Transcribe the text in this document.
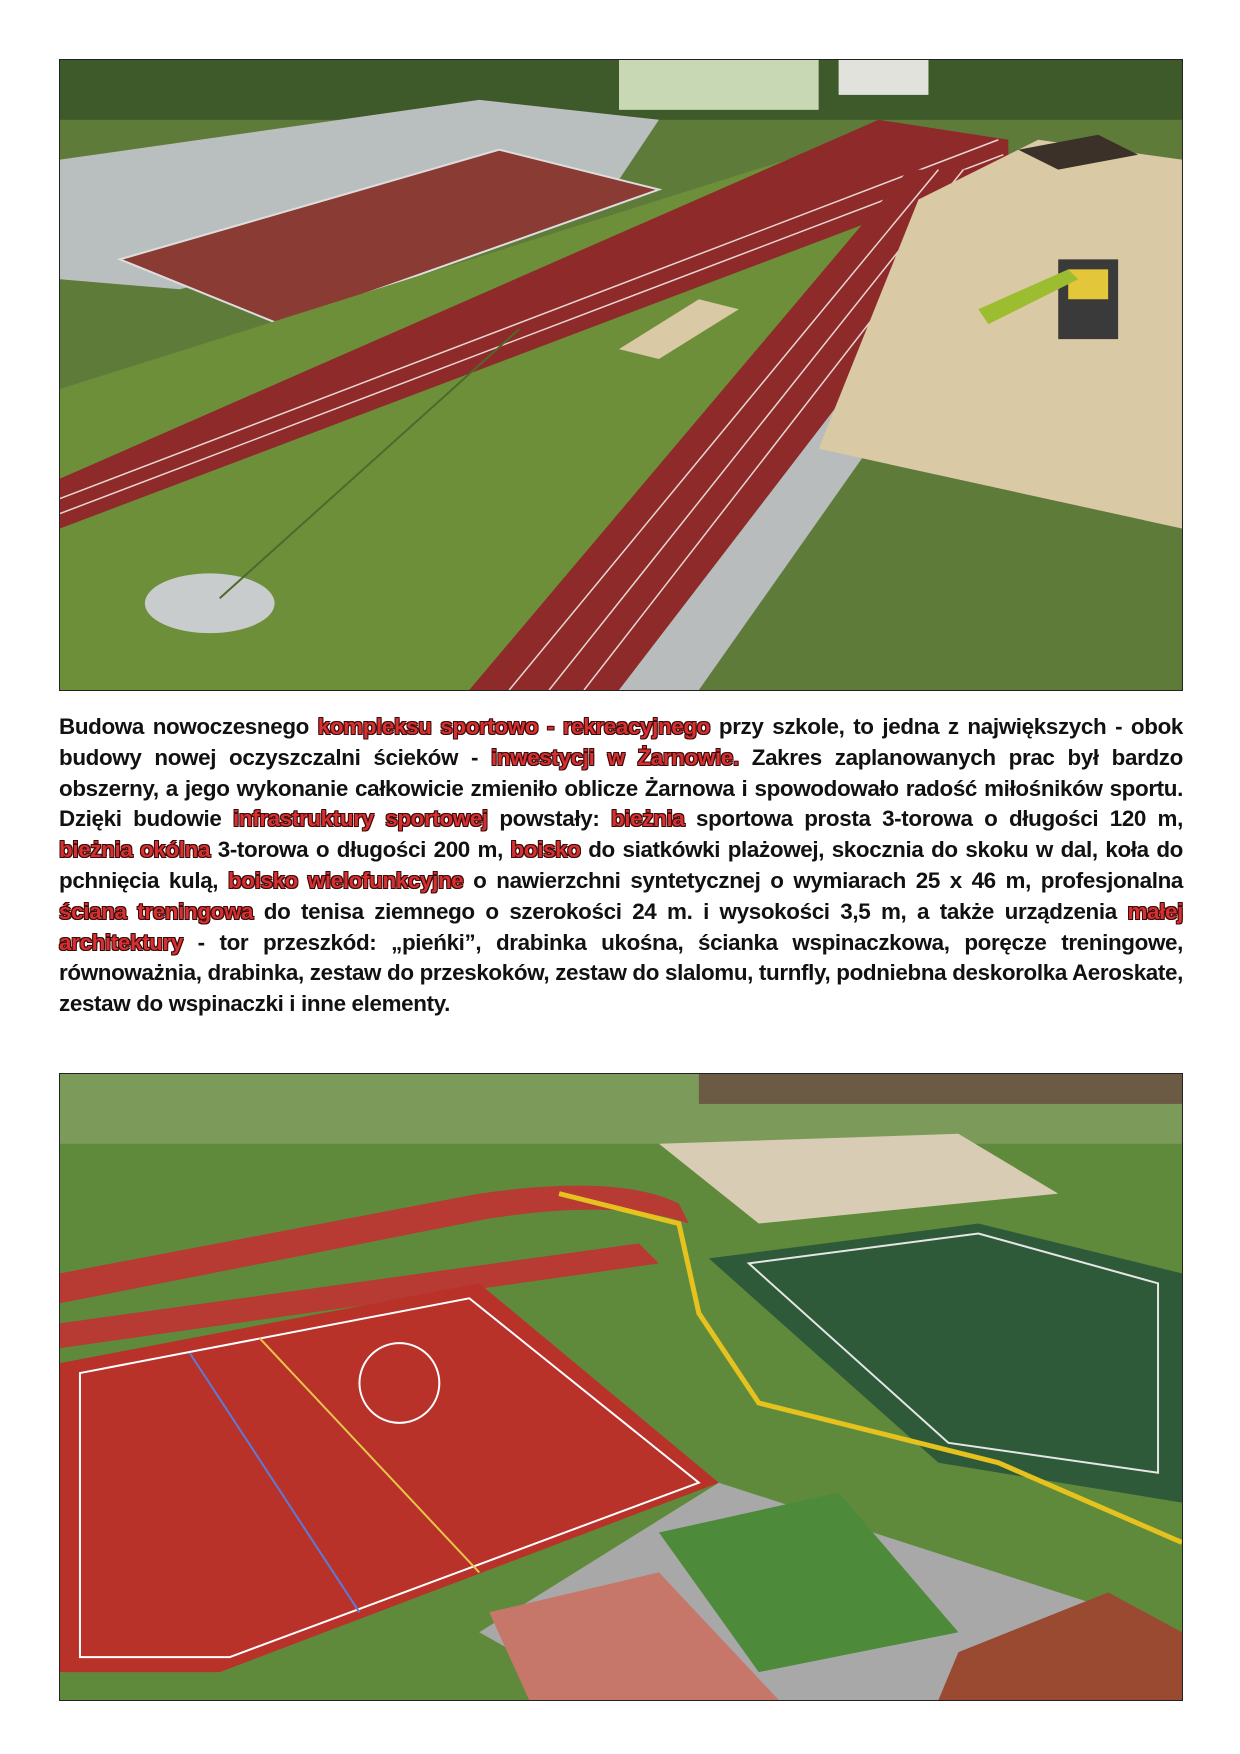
Budowa nowoczesnego kompleksu sportowo - rekreacyjnego przy szkole, to jedna z największych - obok budowy nowej oczyszczalni ścieków - inwestycji w Żarnowie. Zakres zaplanowanych prac był bardzo obszerny, a jego wykonanie całkowicie zmieniło oblicze Żarnowa i spowodowało radość miłośników sportu. Dzięki budowie infrastruktury sportowej powstały: bieżnia sportowa prosta 3-torowa o długości 120 m, bieżnia okólna 3-torowa o długości 200 m, boisko do siatkówki plażowej, skocznia do skoku w dal, koła do pchnięcia kulą, boisko wielofunkcyjne o nawierzchni syntetycznej o wymiarach 25 x 46 m, profesjonalna ściana treningowa do tenisa ziemnego o szerokości 24 m. i wysokości 3,5 m, a także urządzenia małej architektury - tor przeszkód: „pieńki”, drabinka ukośna, ścianka wspinaczkowa, poręcze treningowe, równoważnia, drabinka, zestaw do przeskoków, zestaw do slalomu, turnfly, podniebna deskorolka Aeroskate, zestaw do wspinaczki i inne elementy.
